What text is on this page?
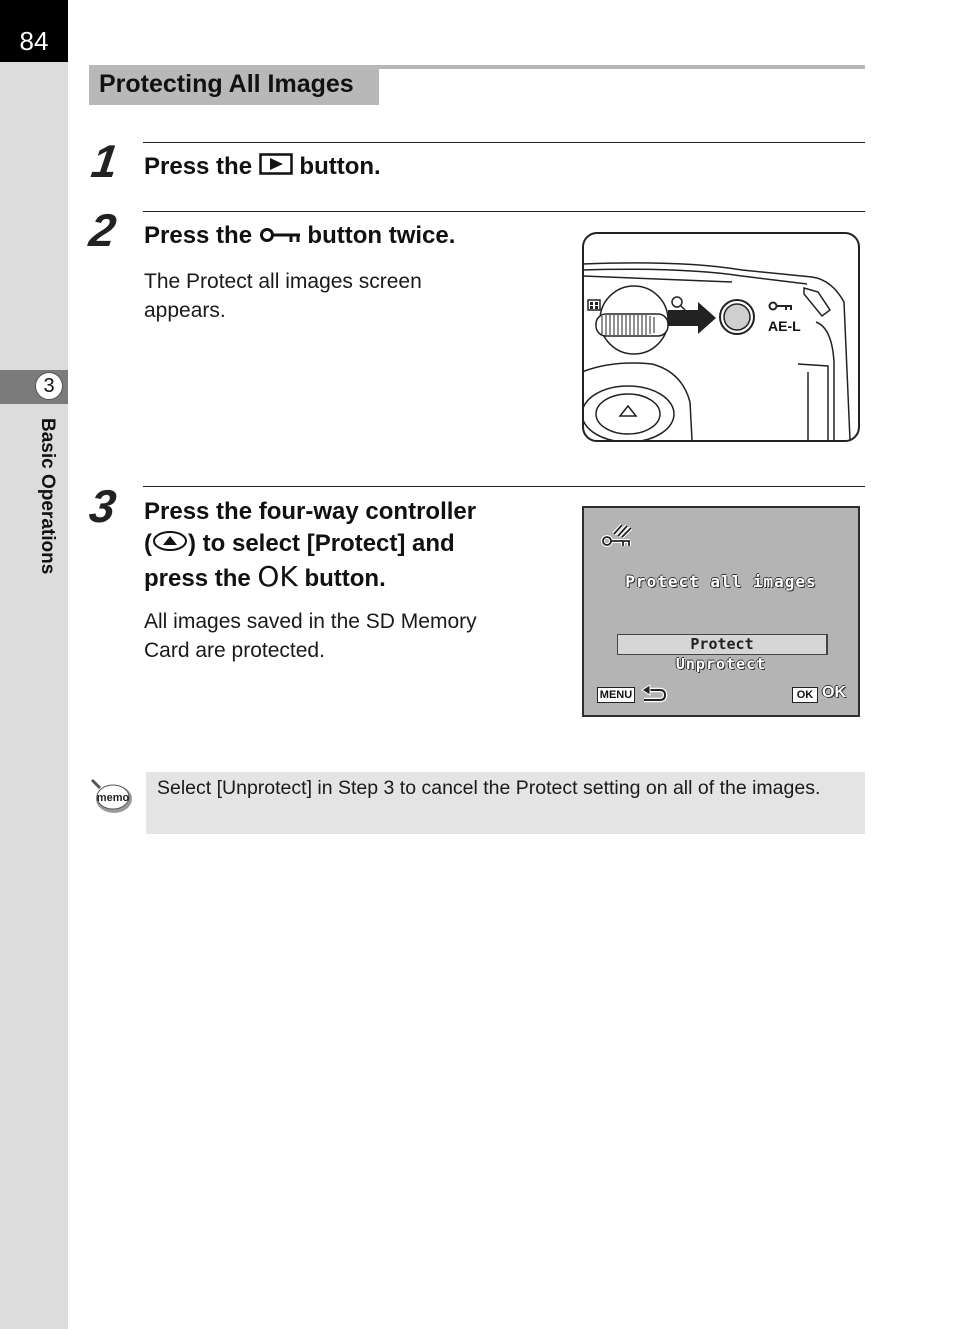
84
3
Basic Operations
Protecting All Images
1 Press the button.
2 Press the button twice.
The Protect all images screen
appears.
AE-L
3 Press the four-way controller
( ) to select [Protect] and
press the OK button.
All images saved in the SD Memory
Card are protected.
Protect all images
Protect
Unprotect
MENU	OK OK
memo Select [Unprotect] in Step 3 to cancel the Protect setting on all of the images.
